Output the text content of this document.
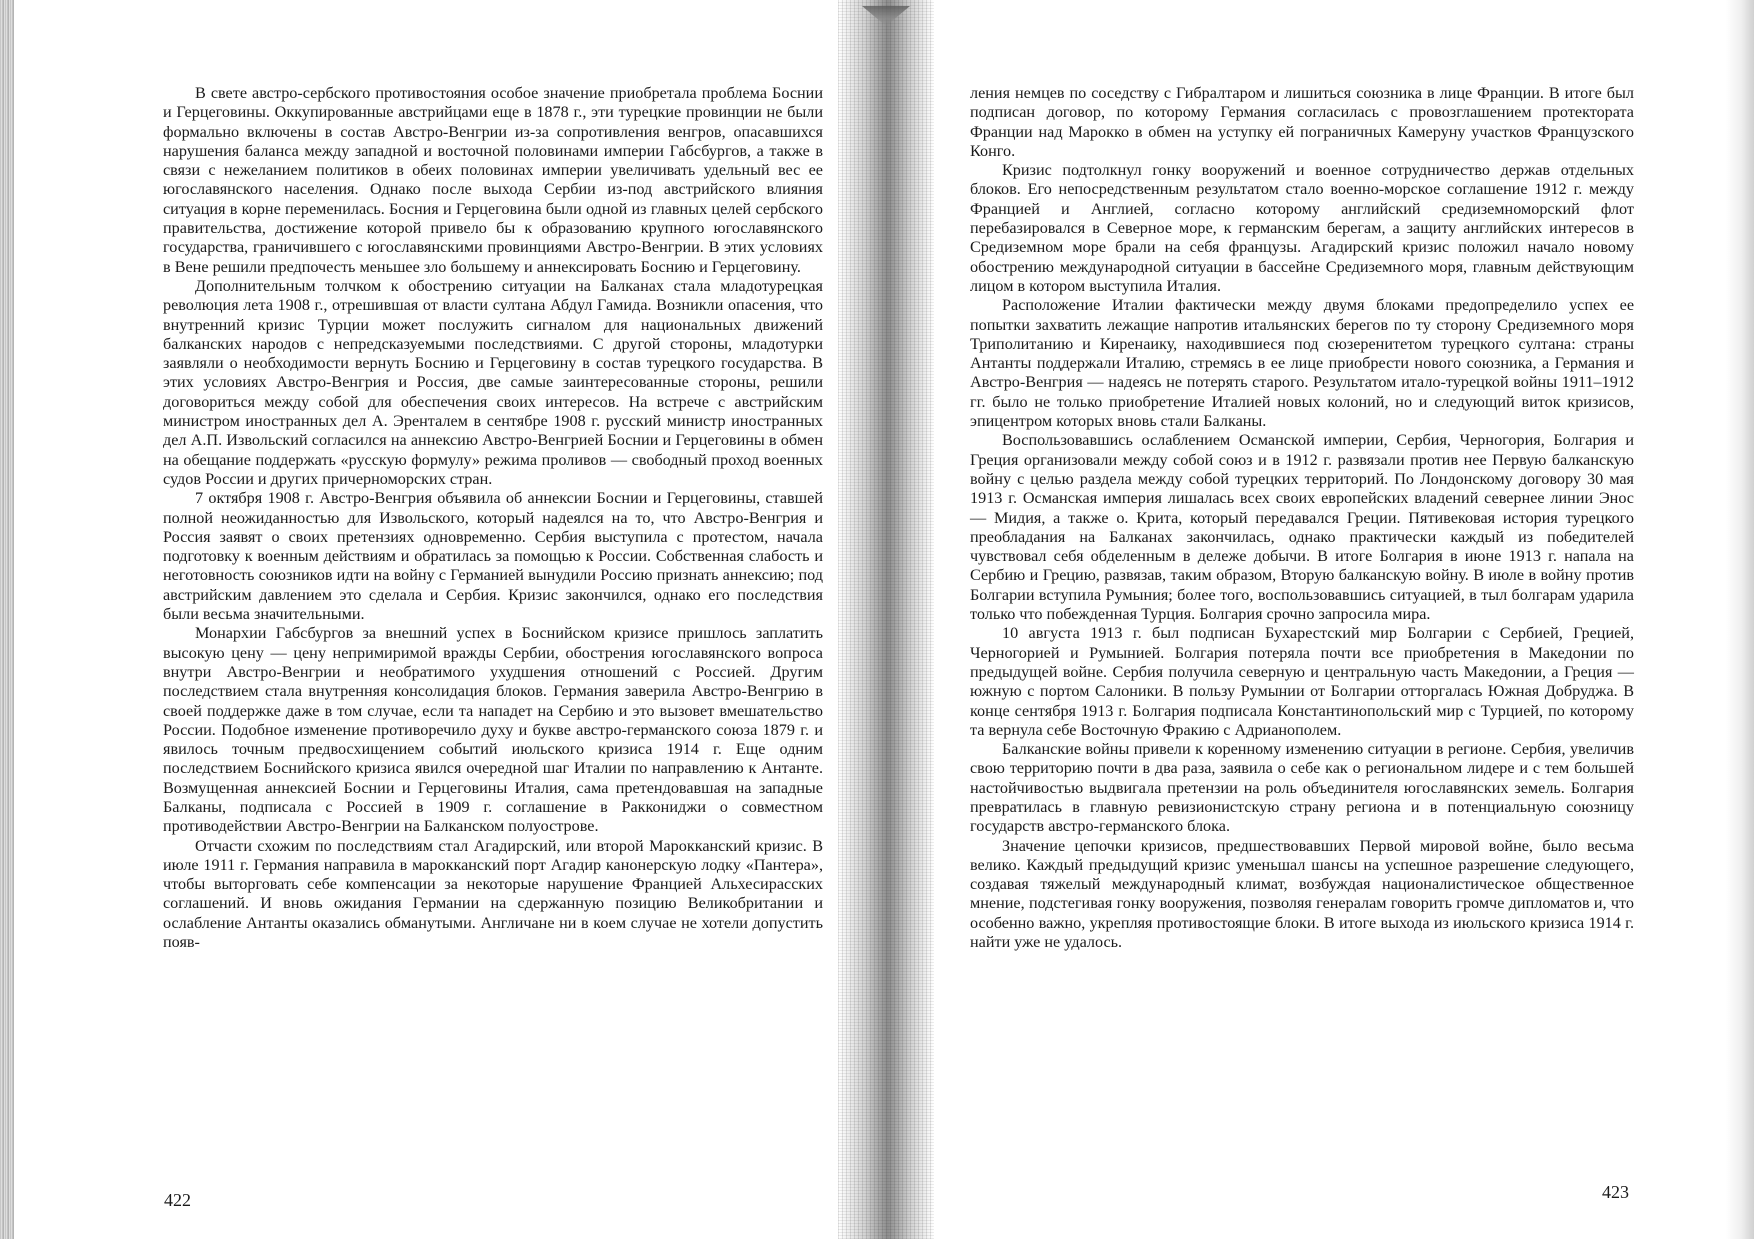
В свете австро-сербского противостояния особое значение приобретала проблема Боснии и Герцеговины. Оккупированные австрийцами еще в 1878 г., эти турецкие провинции не были формально включены в состав Австро-Венгрии из-за сопротивления венгров, опасавшихся нарушения баланса между западной и восточной половинами империи Габсбургов, а также в связи с нежеланием политиков в обеих половинах империи увеличивать удельный вес ее югославянского населения. Однако после выхода Сербии из-под австрийского влияния ситуация в корне переменилась. Босния и Герцеговина были одной из главных целей сербского правительства, достижение которой привело бы к образованию крупного югославянского государства, граничившего с югославянскими провинциями Австро-Венгрии. В этих условиях в Вене решили предпочесть меньшее зло большему и аннексировать Боснию и Герцеговину.

Дополнительным толчком к обострению ситуации на Балканах стала младотурецкая революция лета 1908 г., отрешившая от власти султана Абдул Гамида. Возникли опасения, что внутренний кризис Турции может послужить сигналом для национальных движений балканских народов с непредсказуемыми последствиями. С другой стороны, младотурки заявляли о необходимости вернуть Боснию и Герцеговину в состав турецкого государства. В этих условиях Австро-Венгрия и Россия, две самые заинтересованные стороны, решили договориться между собой для обеспечения своих интересов. На встрече с австрийским министром иностранных дел А. Эренталем в сентябре 1908 г. русский министр иностранных дел А.П. Извольский согласился на аннексию Австро-Венгрией Боснии и Герцеговины в обмен на обещание поддержать «русскую формулу» режима проливов — свободный проход военных судов России и других причерноморских стран.

7 октября 1908 г. Австро-Венгрия объявила об аннексии Боснии и Герцеговины, ставшей полной неожиданностью для Извольского, который надеялся на то, что Австро-Венгрия и Россия заявят о своих претензиях одновременно. Сербия выступила с протестом, начала подготовку к военным действиям и обратилась за помощью к России. Собственная слабость и неготовность союзников идти на войну с Германией вынудили Россию признать аннексию; под австрийским давлением это сделала и Сербия. Кризис закончился, однако его последствия были весьма значительными.

Монархии Габсбургов за внешний успех в Боснийском кризисе пришлось заплатить высокую цену — цену непримиримой вражды Сербии, обострения югославянского вопроса внутри Австро-Венгрии и необратимого ухудшения отношений с Россией. Другим последствием стала внутренняя консолидация блоков. Германия заверила Австро-Венгрию в своей поддержке даже в том случае, если та нападет на Сербию и это вызовет вмешательство России. Подобное изменение противоречило духу и букве австро-германского союза 1879 г. и явилось точным предвосхищением событий июльского кризиса 1914 г. Еще одним последствием Боснийского кризиса явился очередной шаг Италии по направлению к Антанте. Возмущенная аннексией Боснии и Герцеговины Италия, сама претендовавшая на западные Балканы, подписала с Россией в 1909 г. соглашение в Раккониджи о совместном противодействии Австро-Венгрии на Балканском полуострове.

Отчасти схожим по последствиям стал Агадирский, или второй Марокканский кризис. В июле 1911 г. Германия направила в марокканский порт Агадир канонерскую лодку «Пантера», чтобы выторговать себе компенсации за некоторые нарушение Францией Альхесирасских соглашений. И вновь ожидания Германии на сдержанную позицию Великобритании и ослабление Антанты оказались обманутыми. Англичане ни в коем случае не хотели допустить появ-

ления немцев по соседству с Гибралтаром и лишиться союзника в лице Франции. В итоге был подписан договор, по которому Германия согласилась с провозглашением протектората Франции над Марокко в обмен на уступку ей пограничных Камеруну участков Французского Конго.

Кризис подтолкнул гонку вооружений и военное сотрудничество держав отдельных блоков. Его непосредственным результатом стало военно-морское соглашение 1912 г. между Францией и Англией, согласно которому английский средиземноморский флот перебазировался в Северное море, к германским берегам, а защиту английских интересов в Средиземном море брали на себя французы. Агадирский кризис положил начало новому обострению международной ситуации в бассейне Средиземного моря, главным действующим лицом в котором выступила Италия.

Расположение Италии фактически между двумя блоками предопределило успех ее попытки захватить лежащие напротив итальянских берегов по ту сторону Средиземного моря Триполитанию и Киренаику, находившиеся под сюзеренитетом турецкого султана: страны Антанты поддержали Италию, стремясь в ее лице приобрести нового союзника, а Германия и Австро-Венгрия — надеясь не потерять старого. Результатом итало-турецкой войны 1911–1912 гг. было не только приобретение Италией новых колоний, но и следующий виток кризисов, эпицентром которых вновь стали Балканы.

Воспользовавшись ослаблением Османской империи, Сербия, Черногория, Болгария и Греция организовали между собой союз и в 1912 г. развязали против нее Первую балканскую войну с целью раздела между собой турецких территорий. По Лондонскому договору 30 мая 1913 г. Османская империя лишалась всех своих европейских владений севернее линии Энос — Мидия, а также о. Крита, который передавался Греции. Пятивековая история турецкого преобладания на Балканах закончилась, однако практически каждый из победителей чувствовал себя обделенным в дележе добычи. В итоге Болгария в июне 1913 г. напала на Сербию и Грецию, развязав, таким образом, Вторую балканскую войну. В июле в войну против Болгарии вступила Румыния; более того, воспользовавшись ситуацией, в тыл болгарам ударила только что побежденная Турция. Болгария срочно запросила мира.

10 августа 1913 г. был подписан Бухарестский мир Болгарии с Сербией, Грецией, Черногорией и Румынией. Болгария потеряла почти все приобретения в Македонии по предыдущей войне. Сербия получила северную и центральную часть Македонии, а Греция — южную с портом Салоники. В пользу Румынии от Болгарии отторгалась Южная Добруджа. В конце сентября 1913 г. Болгария подписала Константинопольский мир с Турцией, по которому та вернула себе Восточную Фракию с Адрианополем.

Балканские войны привели к коренному изменению ситуации в регионе. Сербия, увеличив свою территорию почти в два раза, заявила о себе как о региональном лидере и с тем большей настойчивостью выдвигала претензии на роль объединителя югославянских земель. Болгария превратилась в главную ревизионистскую страну региона и в потенциальную союзницу государств австро-германского блока.

Значение цепочки кризисов, предшествовавших Первой мировой войне, было весьма велико. Каждый предыдущий кризис уменьшал шансы на успешное разрешение следующего, создавая тяжелый международный климат, возбуждая националистическое общественное мнение, подстегивая гонку вооружения, позволяя генералам говорить громче дипломатов и, что особенно важно, укрепляя противостоящие блоки. В итоге выхода из июльского кризиса 1914 г. найти уже не удалось.

422	423
